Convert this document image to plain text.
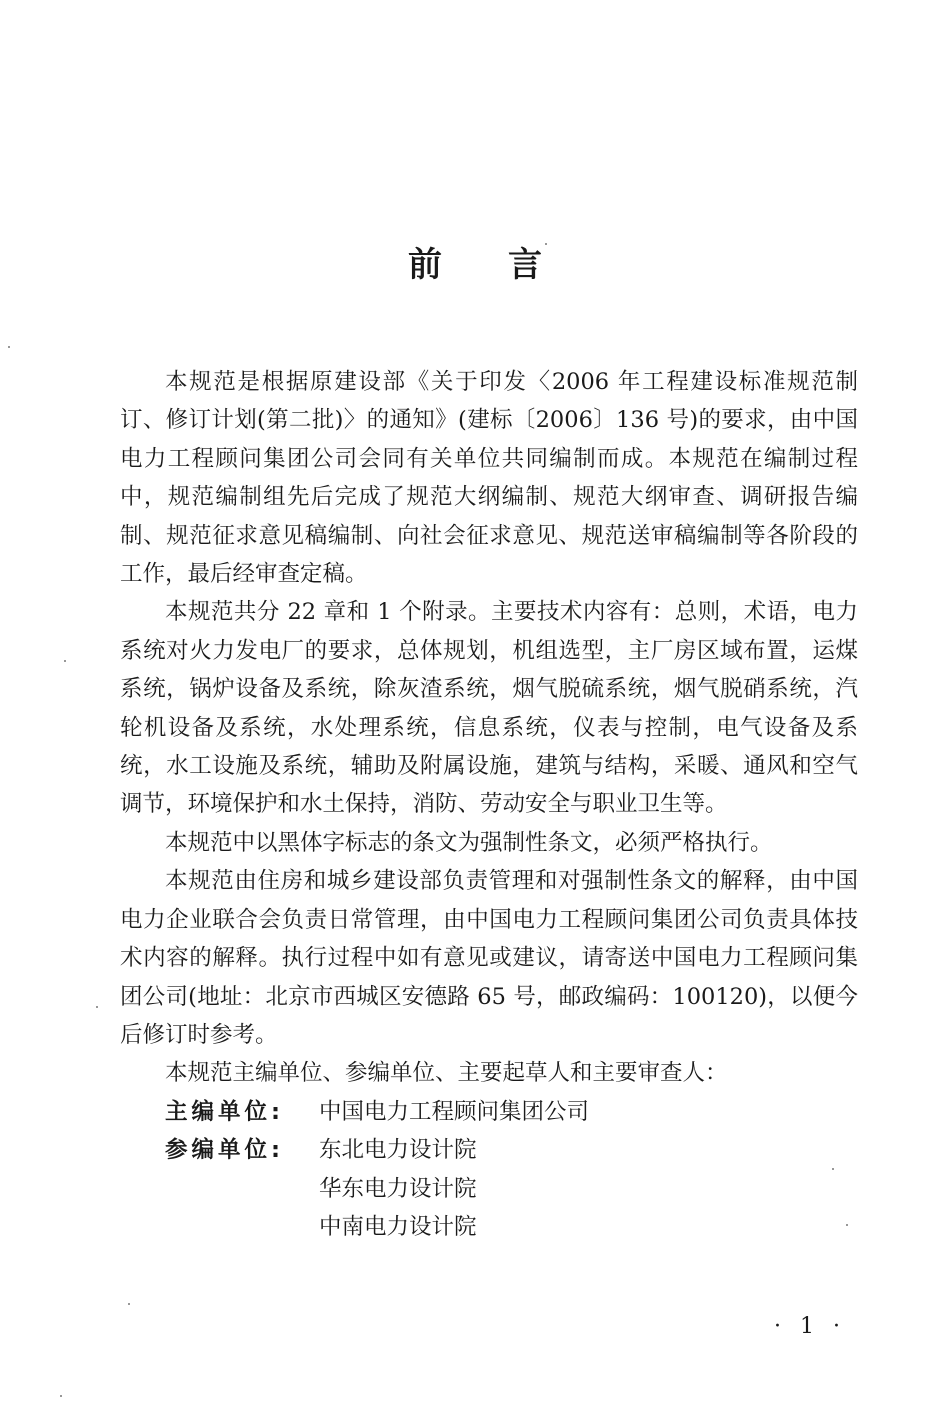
前言

本规范是根据原建设部《关于印发〈2006 年工程建设标准规范制订、修订计划(第二批)〉的通知》(建标〔2006〕136 号)的要求，由中国电力工程顾问集团公司会同有关单位共同编制而成。本规范在编制过程中，规范编制组先后完成了规范大纲编制、规范大纲审查、调研报告编制、规范征求意见稿编制、向社会征求意见、规范送审稿编制等各阶段的工作，最后经审查定稿。

本规范共分 22 章和 1 个附录。主要技术内容有：总则，术语，电力系统对火力发电厂的要求，总体规划，机组选型，主厂房区域布置，运煤系统，锅炉设备及系统，除灰渣系统，烟气脱硫系统，烟气脱硝系统，汽轮机设备及系统，水处理系统，信息系统，仪表与控制，电气设备及系统，水工设施及系统，辅助及附属设施，建筑与结构，采暖、通风和空气调节，环境保护和水土保持，消防、劳动安全与职业卫生等。

本规范中以黑体字标志的条文为强制性条文，必须严格执行。

本规范由住房和城乡建设部负责管理和对强制性条文的解释，由中国电力企业联合会负责日常管理，由中国电力工程顾问集团公司负责具体技术内容的解释。执行过程中如有意见或建议，请寄送中国电力工程顾问集团公司(地址：北京市西城区安德路 65 号，邮政编码：100120)，以便今后修订时参考。

本规范主编单位、参编单位、主要起草人和主要审查人：

主编单位:	中国电力工程顾问集团公司
参编单位:	东北电力设计院
华东电力设计院
中南电力设计院
· 1 ·
